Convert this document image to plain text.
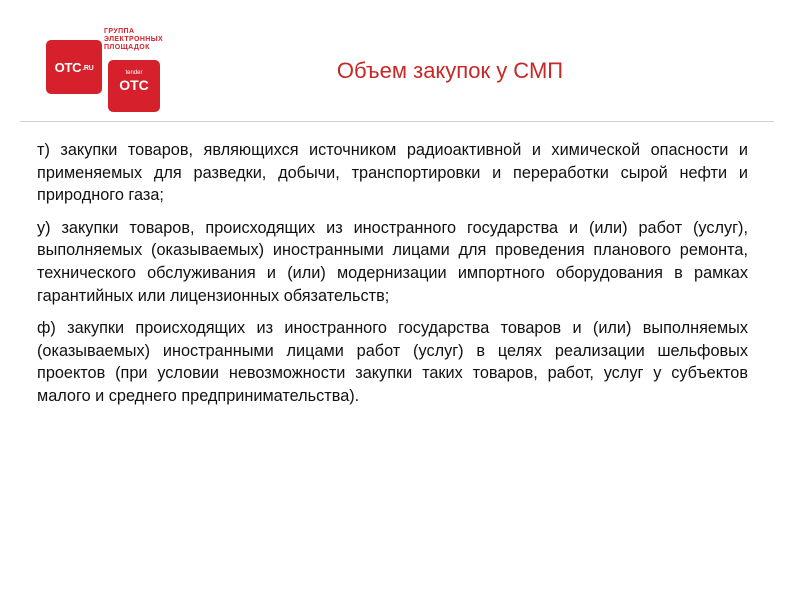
OTC .RU
ГРУППА
ЭЛЕКТРОННЫХ
ПЛОЩАДОК
tender
OTC
Объем закупок у СМП

т) закупки товаров, являющихся источником радиоактивной и химической опасности и применяемых для разведки, добычи, транспортировки и переработки сырой нефти и природного газа;

у) закупки товаров, происходящих из иностранного государства и (или) работ (услуг), выполняемых (оказываемых) иностранными лицами для проведения планового ремонта, технического обслуживания и (или) модернизации импортного оборудования в рамках гарантийных или лицензионных обязательств;

ф) закупки происходящих из иностранного государства товаров и (или) выполняемых (оказываемых) иностранными лицами работ (услуг) в целях реализации шельфовых проектов (при условии невозможности закупки таких товаров, работ, услуг у субъектов малого и среднего предпринимательства).
